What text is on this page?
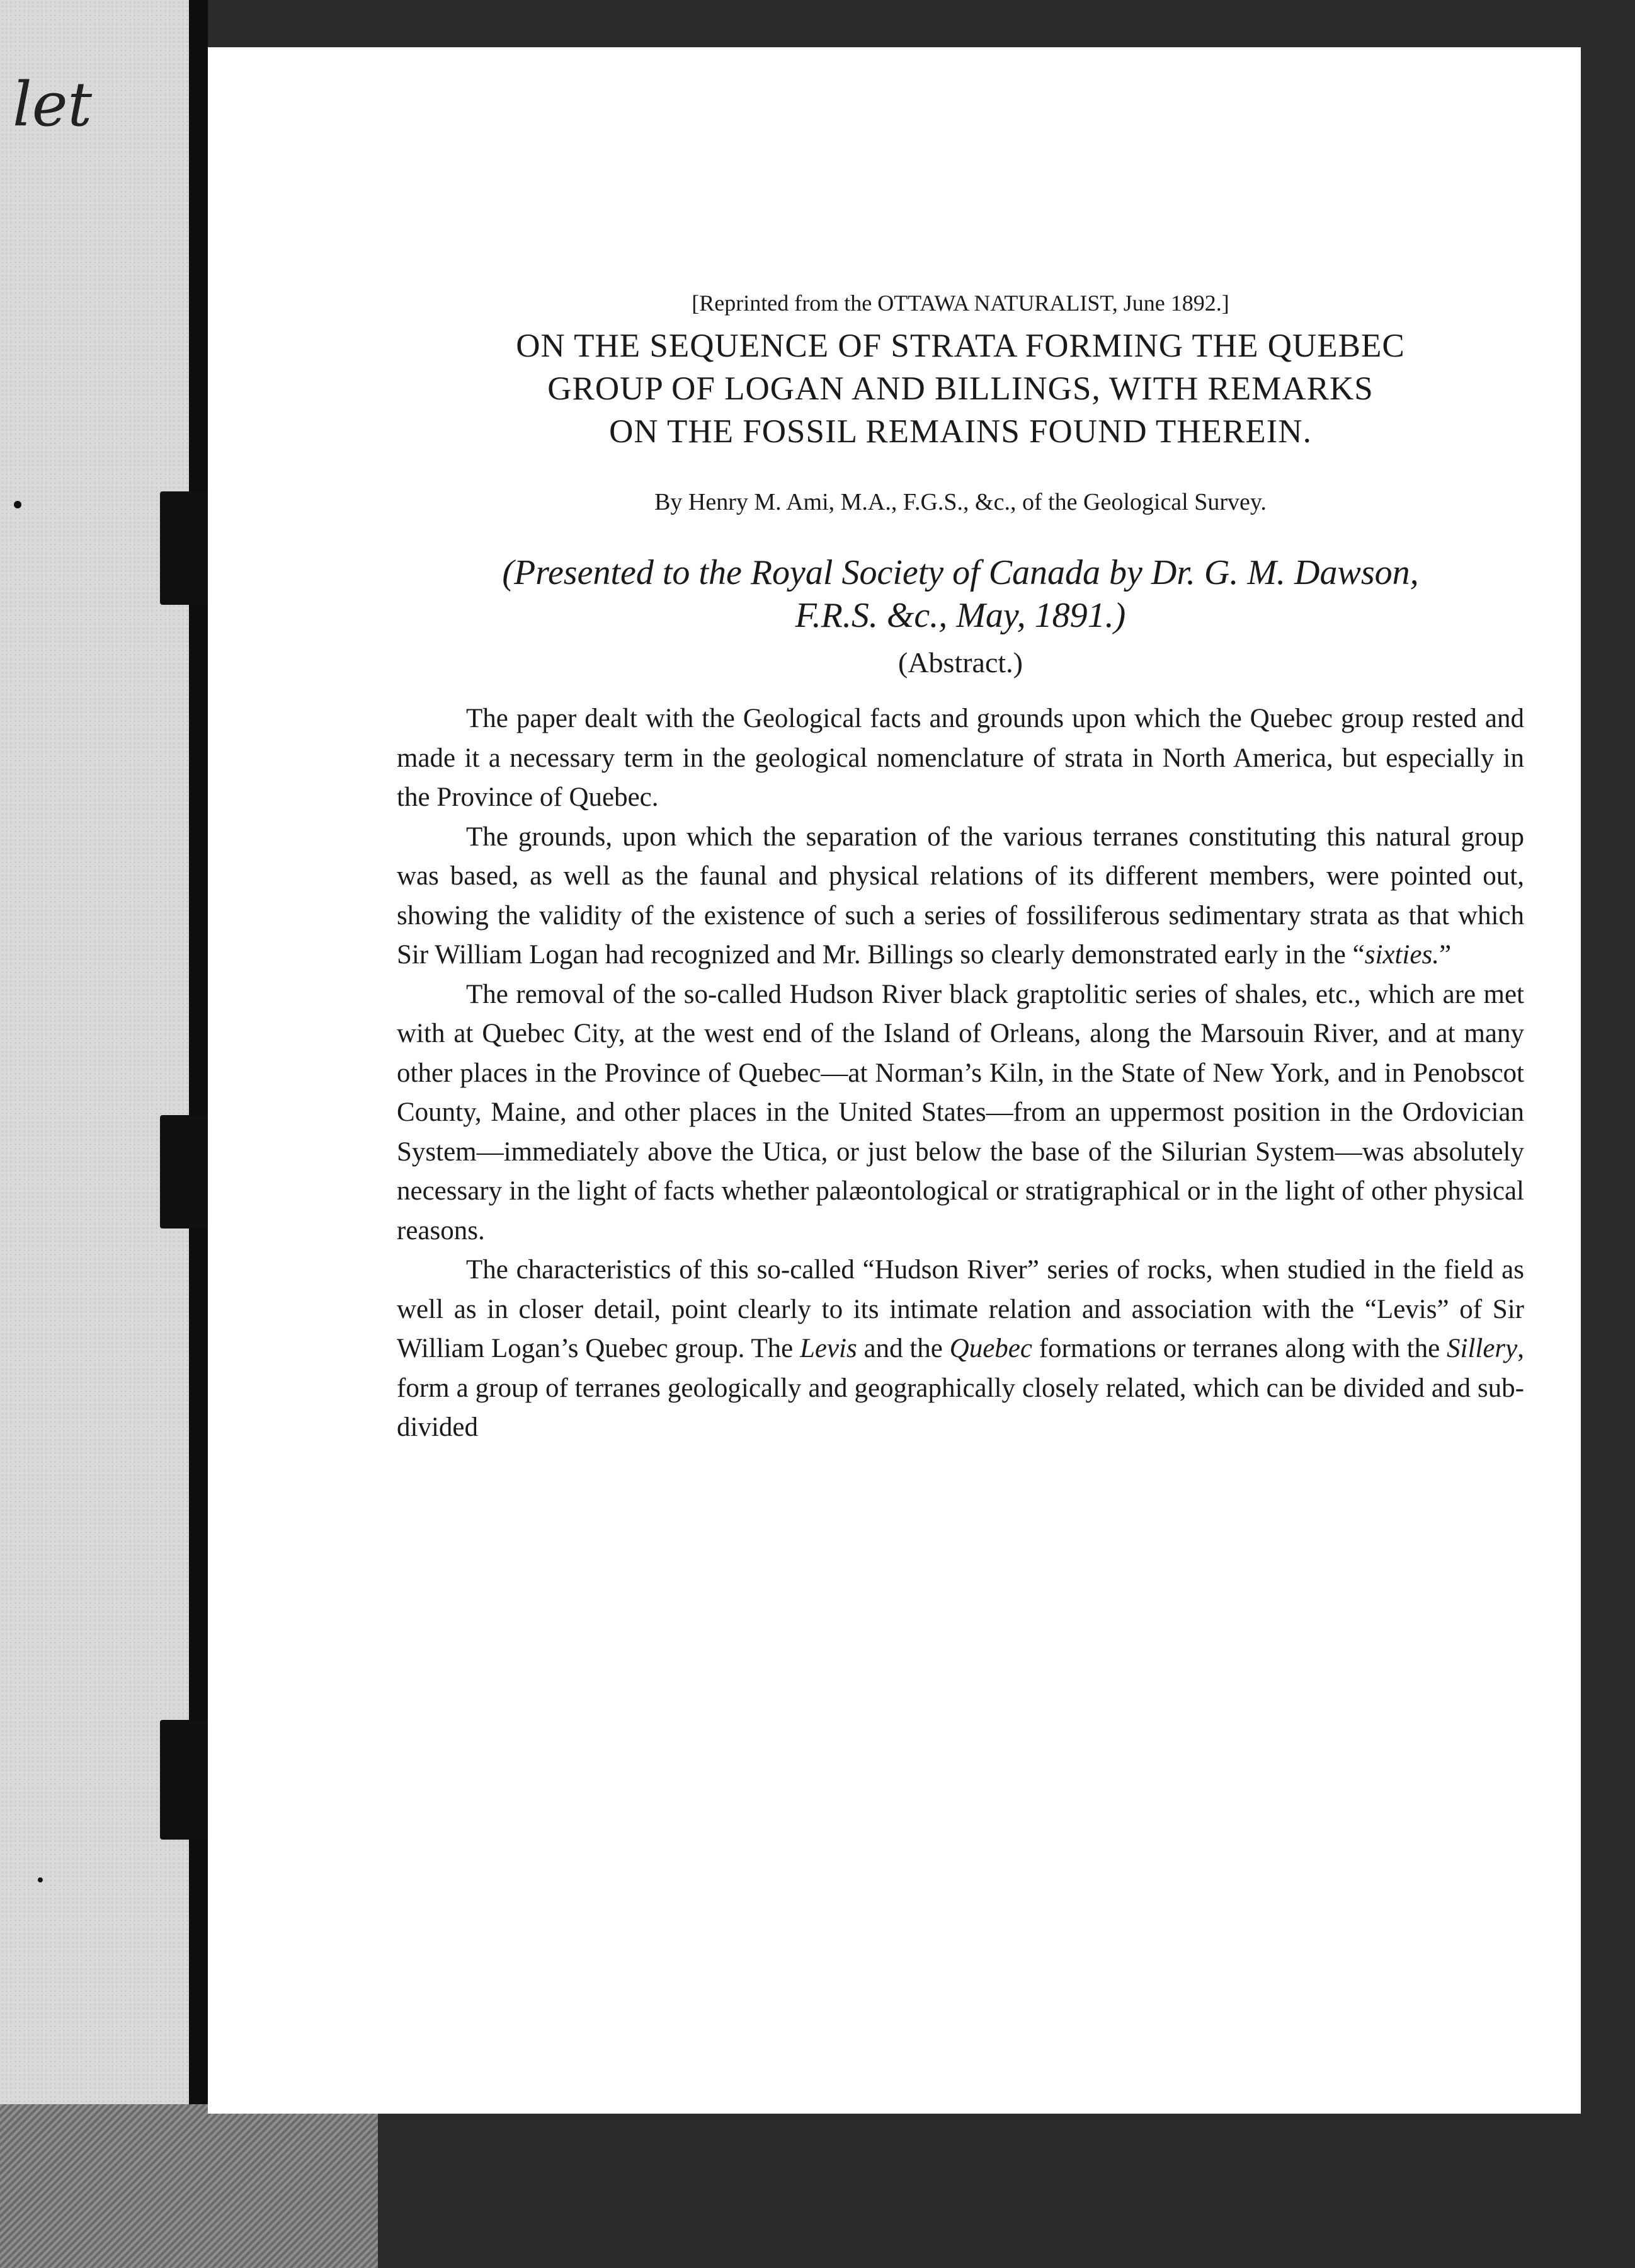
let

[Reprinted from the OTTAWA NATURALIST, June 1892.]

ON THE SEQUENCE OF STRATA FORMING THE QUEBEC
GROUP OF LOGAN AND BILLINGS, WITH REMARKS
ON THE FOSSIL REMAINS FOUND THEREIN.

By Henry M. Ami, M.A., F.G.S., &c., of the Geological Survey.

(Presented to the Royal Society of Canada by Dr. G. M. Dawson,
F.R.S. &c., May, 1891.)

(Abstract.)

The paper dealt with the Geological facts and grounds upon which the Quebec group rested and made it a necessary term in the geological nomenclature of strata in North America, but especially in the Province of Quebec.

The grounds, upon which the separation of the various terranes constituting this natural group was based, as well as the faunal and physical relations of its different members, were pointed out, showing the validity of the existence of such a series of fossiliferous sedimentary strata as that which Sir William Logan had recognized and Mr. Billings so clearly demonstrated early in the “sixties.”

The removal of the so-called Hudson River black graptolitic series of shales, etc., which are met with at Quebec City, at the west end of the Island of Orleans, along the Marsouin River, and at many other places in the Province of Quebec—at Norman’s Kiln, in the State of New York, and in Penobscot County, Maine, and other places in the United States—from an uppermost position in the Ordovician System—immediately above the Utica, or just below the base of the Silurian System—was absolutely necessary in the light of facts whether palæontological or stratigraphical or in the light of other physical reasons.

The characteristics of this so-called “Hudson River” series of rocks, when studied in the field as well as in closer detail, point clearly to its intimate relation and association with the “Levis” of Sir William Logan’s Quebec group. The Levis and the Quebec formations or terranes along with the Sillery, form a group of terranes geologically and geographically closely related, which can be divided and sub-divided
